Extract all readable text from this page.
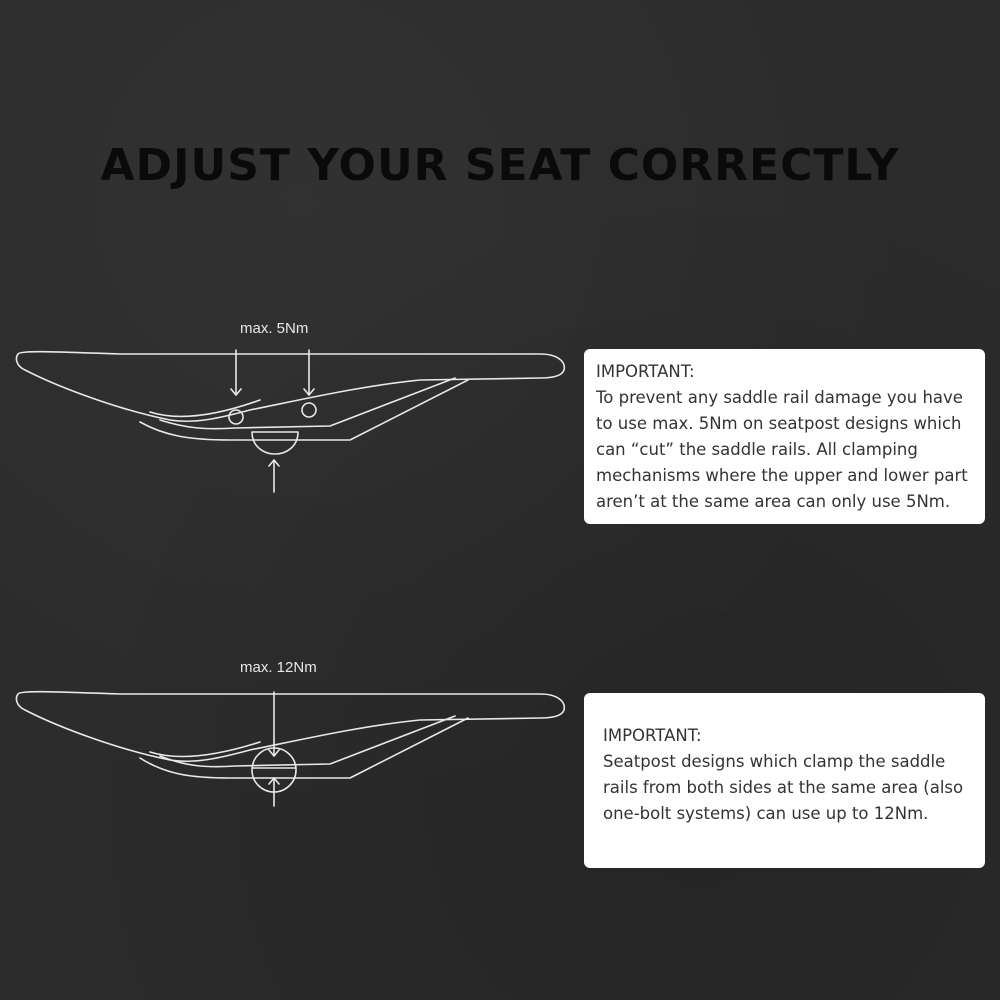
ADJUST YOUR SEAT CORRECTLY
max. 5Nm
IMPORTANT:
To prevent any saddle rail damage you have to use max. 5Nm on seatpost designs which can “cut” the saddle rails. All clamping mechanisms where the upper and lower part aren’t at the same area can only use 5Nm.
max. 12Nm
IMPORTANT:
Seatpost designs which clamp the saddle rails from both sides at the same area (also one-bolt systems) can use up to 12Nm.
